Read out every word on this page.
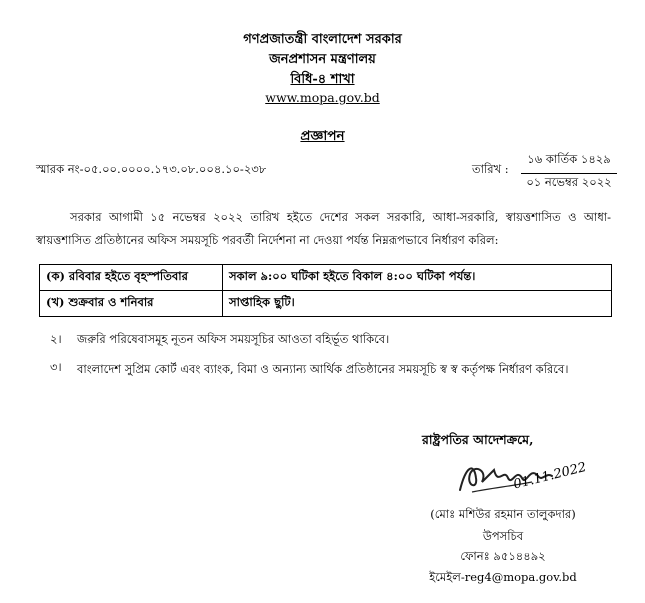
গণপ্রজাতন্ত্রী বাংলাদেশ সরকার
জনপ্রশাসন মন্ত্রণালয়
বিধি-৪ শাখা
www.mopa.gov.bd
প্রজ্ঞাপন
স্মারক নং-০৫.০০.০০০০.১৭৩.০৮.০০৪.১০-২৩৮	তারিখ :
১৬ কার্তিক ১৪২৯
০১ নভেম্বর ২০২২
সরকার আগামী ১৫ নভেম্বর ২০২২ তারিখ হইতে দেশের সকল সরকারি, আধা-সরকারি, স্বায়ত্তশাসিত ও আধা-স্বায়ত্তশাসিত প্রতিষ্ঠানের অফিস সময়সূচি পরবর্তী নির্দেশনা না দেওয়া পর্যন্ত নিম্নরূপভাবে নির্ধারণ করিল:
(ক) রবিবার হইতে বৃহস্পতিবার	সকাল ৯:০০ ঘটিকা হইতে বিকাল ৪:০০ ঘটিকা পর্যন্ত।
(খ) শুক্রবার ও শনিবার	সাপ্তাহিক ছুটি।
২। জরুরি পরিষেবাসমূহ নূতন অফিস সময়সূচির আওতা বহির্ভূত থাকিবে।
বাংলাদেশ সুপ্রিম কোর্ট এবং ব্যাংক, বিমা ও অন্যান্য আর্থিক প্রতিষ্ঠানের সময়সূচি স্ব স্ব কর্তৃপক্ষ নির্ধারণ করিবে।
৩।
রাষ্ট্রপতির আদেশক্রমে,
01.11.2022
(মোঃ মশিউর রহমান তালুকদার)
উপসচিব
ফোনঃ ৯৫১৪৪৯২
ইমেইল-reg4@mopa.gov.bd
